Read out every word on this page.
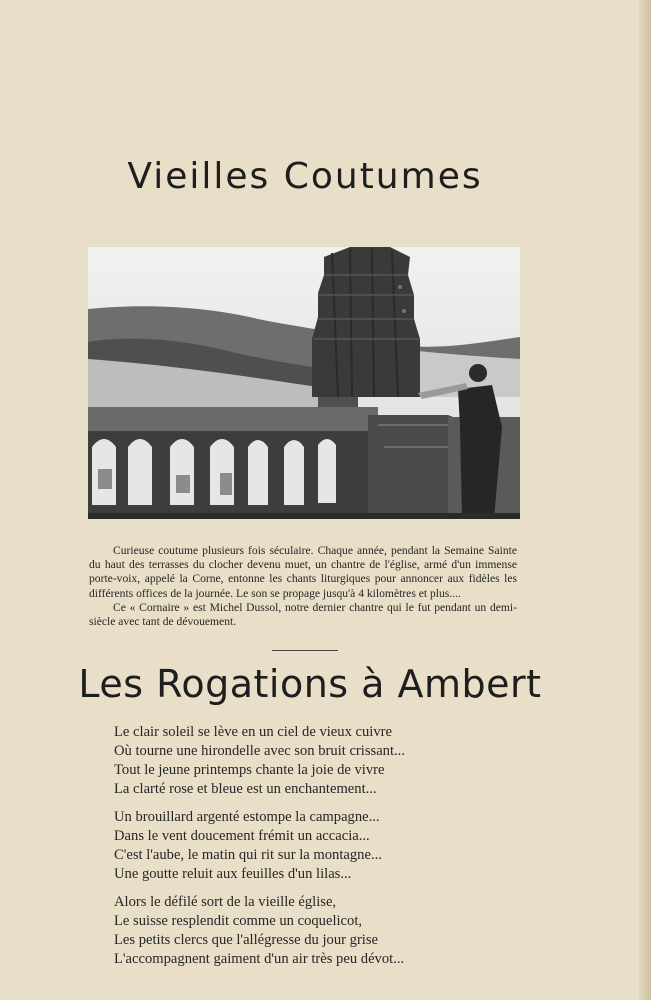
Vieilles Coutumes

Curieuse coutume plusieurs fois séculaire. Chaque année, pendant la Semaine Sainte du haut des terrasses du clocher devenu muet, un chantre de l'église, armé d'un immense porte-voix, appelé la Corne, entonne les chants liturgiques pour annoncer aux fidèles les différents offices de la journée. Le son se propage jusqu'à 4 kilomètres et plus....

Ce « Cornaire » est Michel Dussol, notre dernier chantre qui le fut pendant un demi-siècle avec tant de dévouement.

Les Rogations à Ambert
Le clair soleil se lève en un ciel de vieux cuivre
Où tourne une hirondelle avec son bruit crissant...
Tout le jeune printemps chante la joie de vivre
La clarté rose et bleue est un enchantement...
Un brouillard argenté estompe la campagne...
Dans le vent doucement frémit un accacia...
C'est l'aube, le matin qui rit sur la montagne...
Une goutte reluit aux feuilles d'un lilas...
Alors le défilé sort de la vieille église,
Le suisse resplendit comme un coquelicot,
Les petits clercs que l'allégresse du jour grise
L'accompagnent gaiment d'un air très peu dévot...
